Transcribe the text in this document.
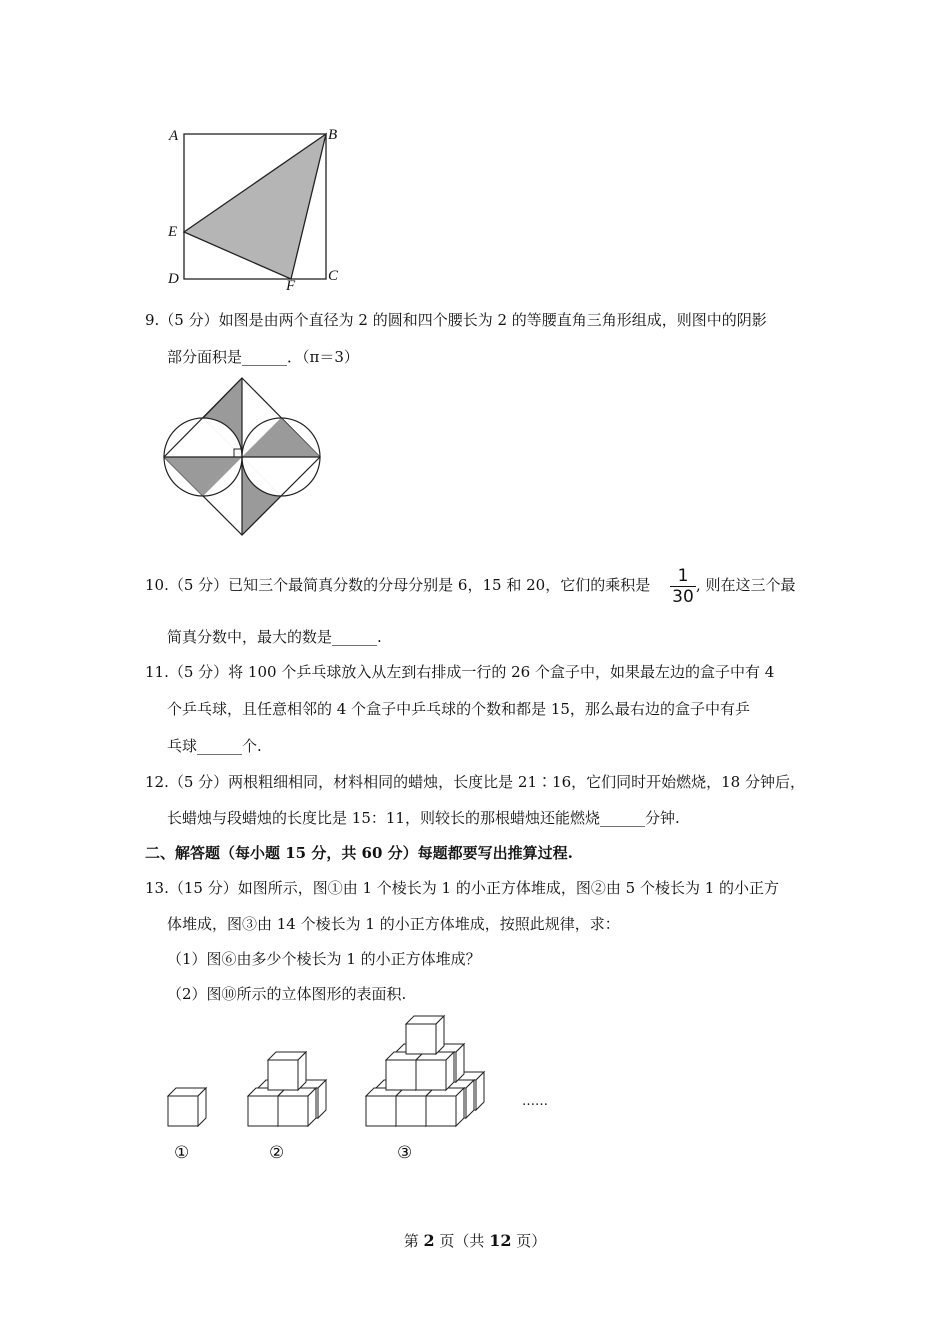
A	B
E
D	C
F
9.（5 分）如图是由两个直径为 2 的圆和四个腰长为 2 的等腰直角三角形组成，则图中的阴影
部分面积是______．（π＝3）
10.（5 分）已知三个最简真分数的分母分别是 6，15 和 20，它们的乘积是	1
30
, 则在这三个最
简真分数中，最大的数是______.
11.（5 分）将 100 个乒乓球放入从左到右排成一行的 26 个盒子中，如果最左边的盒子中有 4
个乒乓球，且任意相邻的 4 个盒子中乒乓球的个数和都是 15，那么最右边的盒子中有乒
乓球______个.
12.（5 分）两根粗细相同，材料相同的蜡烛，长度比是 21∶16，它们同时开始燃烧，18 分钟后，
长蜡烛与段蜡烛的长度比是 15：11，则较长的那根蜡烛还能燃烧______分钟.
二、解答题（每小题 15 分，共 60 分）每题都要写出推算过程.
13.（15 分）如图所示，图①由 1 个棱长为 1 的小正方体堆成，图②由 5 个棱长为 1 的小正方
体堆成，图③由 14 个棱长为 1 的小正方体堆成，按照此规律，求：
（1）图⑥由多少个棱长为 1 的小正方体堆成？
（2）图⑩所示的立体图形的表面积.
①	②	③
……
第 2 页（共 12 页）
